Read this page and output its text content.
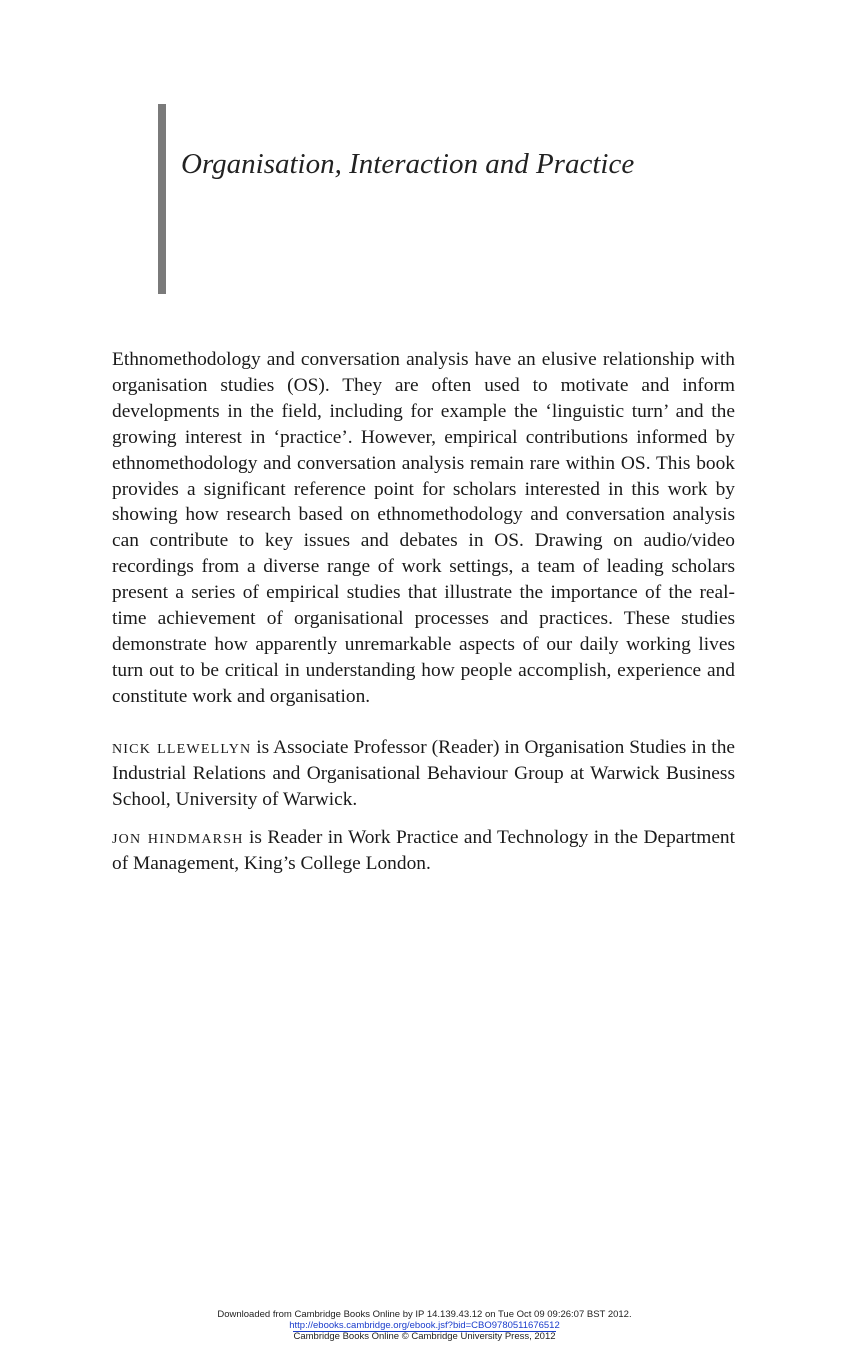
Organisation, Interaction and Practice

Ethnomethodology and conversation analysis have an elusive relationship with organisation studies (OS). They are often used to motivate and inform developments in the field, including for example the ‘linguistic turn’ and the growing interest in ‘practice’. However, empirical contributions informed by ethnomethodology and conversation analysis remain rare within OS. This book provides a significant reference point for scholars interested in this work by showing how research based on ethnomethodology and conversation analysis can contribute to key issues and debates in OS. Drawing on audio/video recordings from a diverse range of work settings, a team of leading scholars present a series of empirical studies that illustrate the importance of the real-time achievement of organisational processes and practices. These studies demonstrate how apparently unremarkable aspects of our daily working lives turn out to be critical in understanding how people accomplish, experience and constitute work and organisation.

nick llewellyn is Associate Professor (Reader) in Organisation Studies in the Industrial Relations and Organisational Behaviour Group at Warwick Business School, University of Warwick.

jon hindmarsh is Reader in Work Practice and Technology in the Department of Management, King’s College London.

Downloaded from Cambridge Books Online by IP 14.139.43.12 on Tue Oct 09 09:26:07 BST 2012.
http://ebooks.cambridge.org/ebook.jsf?bid=CBO9780511676512
Cambridge Books Online © Cambridge University Press, 2012
